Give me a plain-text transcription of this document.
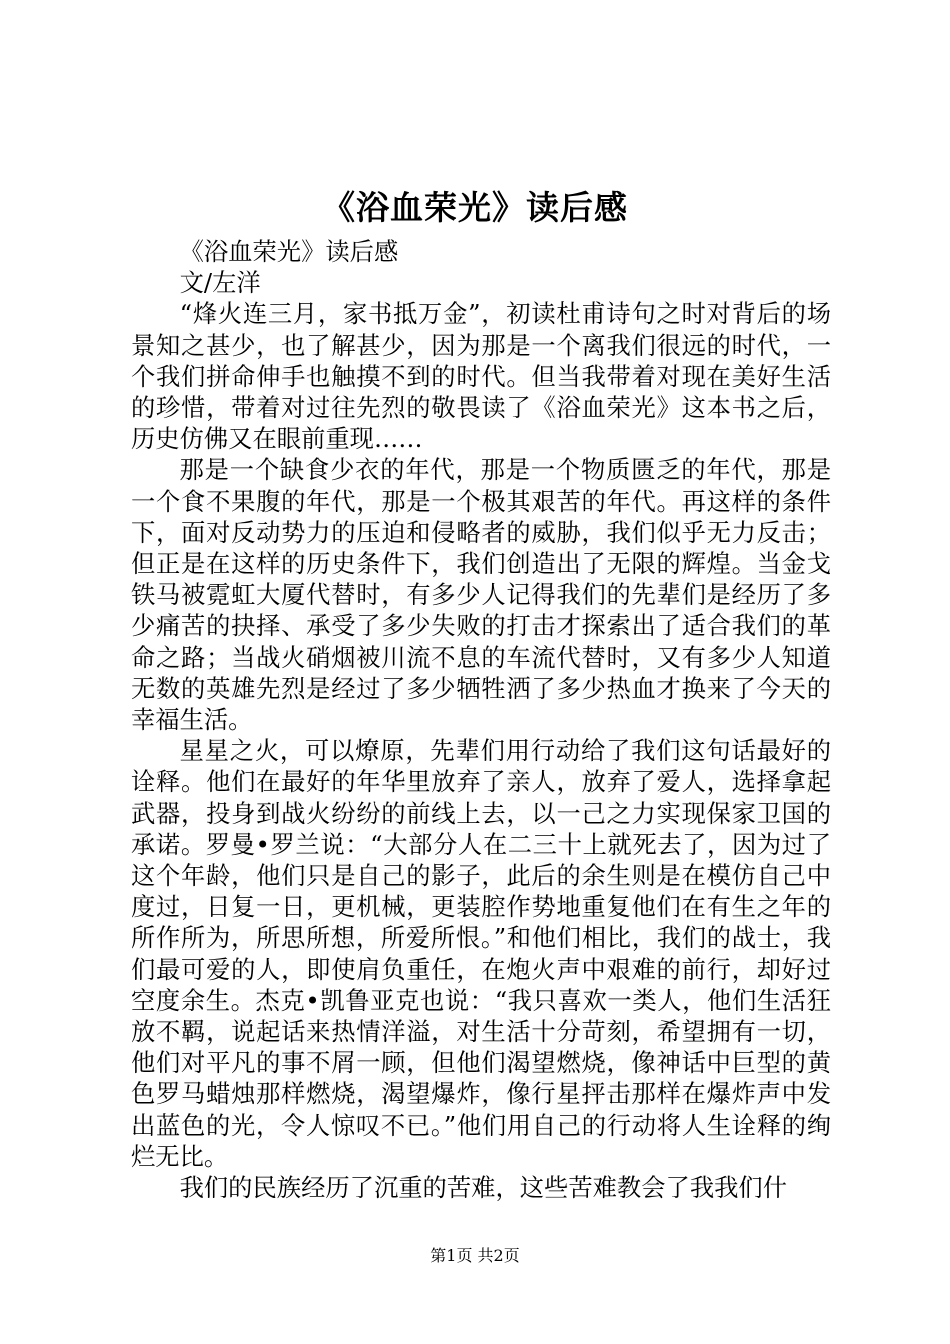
《浴血荣光》读后感

《浴血荣光》读后感

文/左洋

“烽火连三月，家书抵万金”，初读杜甫诗句之时对背后的场景知之甚少，也了解甚少，因为那是一个离我们很远的时代，一个我们拼命伸手也触摸不到的时代。但当我带着对现在美好生活的珍惜，带着对过往先烈的敬畏读了《浴血荣光》这本书之后，历史仿佛又在眼前重现……

那是一个缺食少衣的年代，那是一个物质匮乏的年代，那是一个食不果腹的年代，那是一个极其艰苦的年代。再这样的条件下，面对反动势力的压迫和侵略者的威胁，我们似乎无力反击；但正是在这样的历史条件下，我们创造出了无限的辉煌。当金戈铁马被霓虹大厦代替时，有多少人记得我们的先辈们是经历了多少痛苦的抉择、承受了多少失败的打击才探索出了适合我们的革命之路；当战火硝烟被川流不息的车流代替时，又有多少人知道无数的英雄先烈是经过了多少牺牲洒了多少热血才换来了今天的幸福生活。

星星之火，可以燎原，先辈们用行动给了我们这句话最好的诠释。他们在最好的年华里放弃了亲人，放弃了爱人，选择拿起武器，投身到战火纷纷的前线上去，以一己之力实现保家卫国的承诺。罗曼•罗兰说：“大部分人在二三十上就死去了，因为过了这个年龄，他们只是自己的影子，此后的余生则是在模仿自己中度过，日复一日，更机械，更装腔作势地重复他们在有生之年的所作所为，所思所想，所爱所恨。”和他们相比，我们的战士，我们最可爱的人，即使肩负重任，在炮火声中艰难的前行，却好过空度余生。杰克•凯鲁亚克也说：“我只喜欢一类人，他们生活狂放不羁，说起话来热情洋溢，对生活十分苛刻，希望拥有一切，他们对平凡的事不屑一顾，但他们渴望燃烧，像神话中巨型的黄色罗马蜡烛那样燃烧，渴望爆炸，像行星抨击那样在爆炸声中发出蓝色的光，令人惊叹不已。”他们用自己的行动将人生诠释的绚烂无比。

我们的民族经历了沉重的苦难，这些苦难教会了我我们什

第1页 共2页
